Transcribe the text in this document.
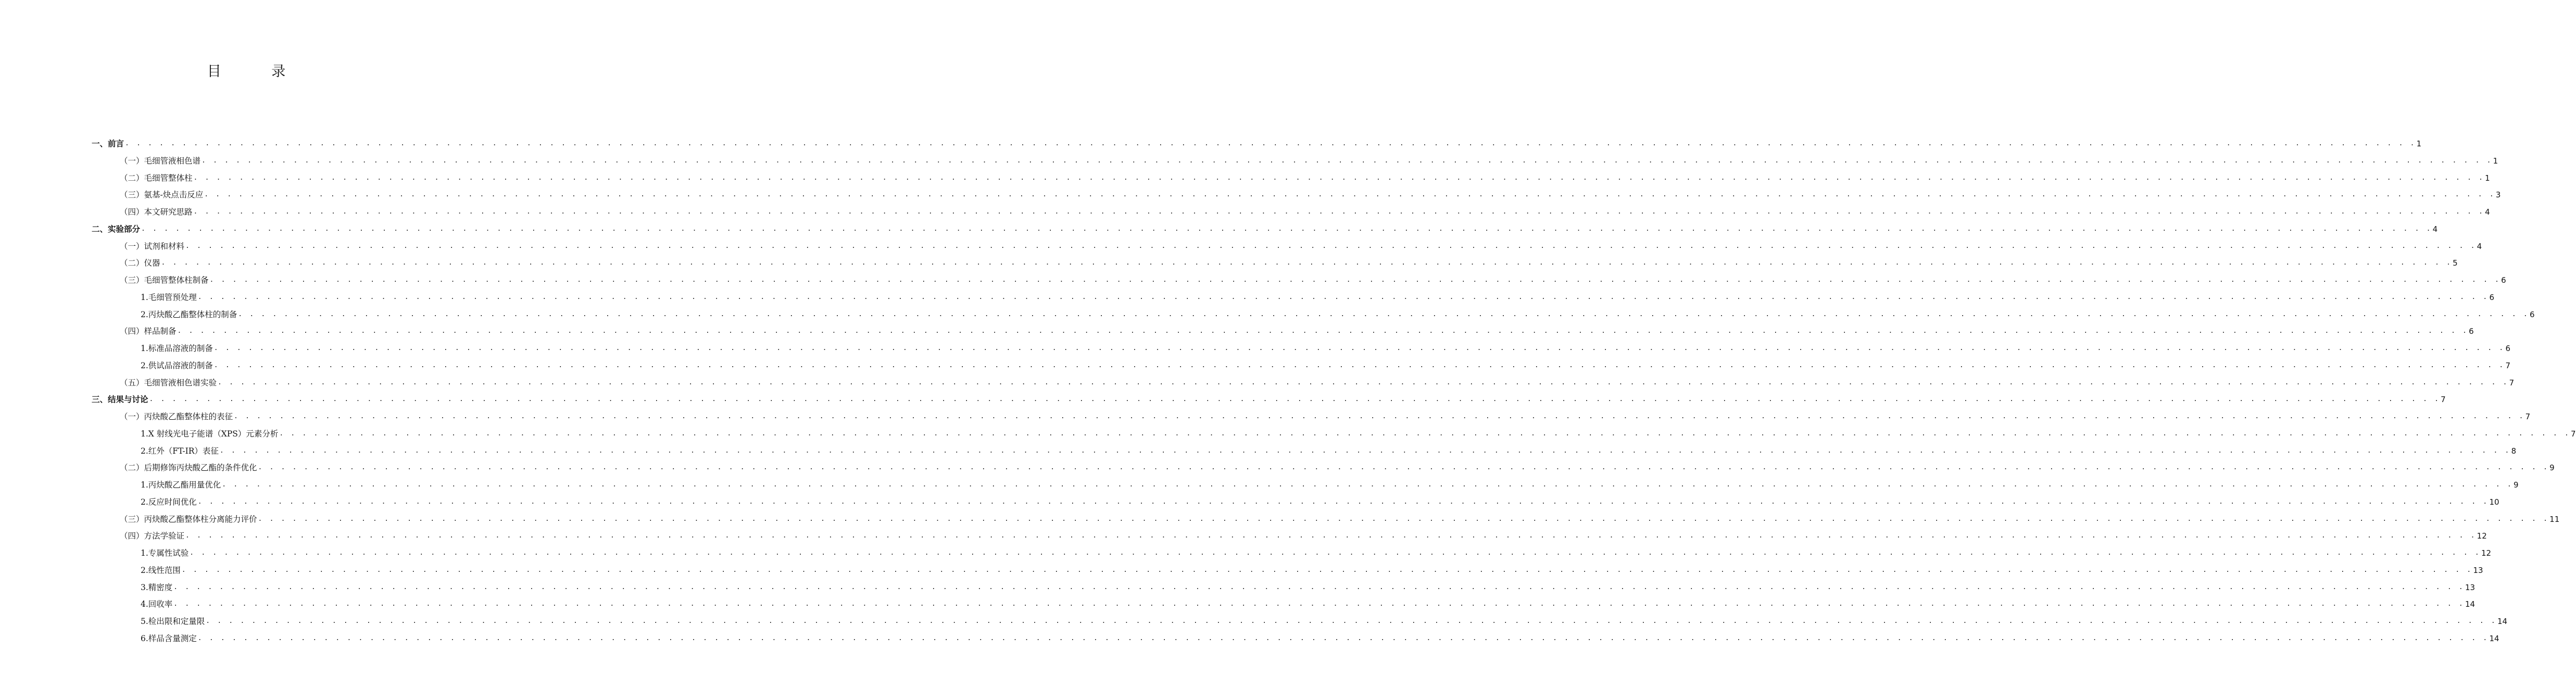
目 录
一、前言 . . . . . . . . . . . . . . . . . . . . . . . . . . . . . . . . . . . . . . . . . . . . . . . . . . . . . . . . . . . . . . . . . . . . . . . . . . . . . . . . . . . . . . . . . . . . . . . . . . . . . . . . . . . . . . . . . . . . . . . . . . . . . . . . . . . . . . . . . . . . . . . . . . . . . . . . . . . . . . . . . . . . . . . . . . . . . . . . . . . . . . . . . . . . . . . . . . . . . . . . 1
（一）毛细管液相色谱 . . . . . . . . . . . . . . . . . . . . . . . . . . . . . . . . . . . . . . . . . . . . . . . . . . . . . . . . . . . . . . . . . . . . . . . . . . . . . . . . . . . . . . . . . . . . . . . . . . . . . . . . . . . . . . . . . . . . . . . . . . . . . . . . . . . . . . . . . . . . . . . . . . . . . . . . . . . . . . . . . . . . . . . . . . . . . . . . . . . . . . . . . . . . . . . . . . . . . . . . 1
（二）毛细管整体柱 . . . . . . . . . . . . . . . . . . . . . . . . . . . . . . . . . . . . . . . . . . . . . . . . . . . . . . . . . . . . . . . . . . . . . . . . . . . . . . . . . . . . . . . . . . . . . . . . . . . . . . . . . . . . . . . . . . . . . . . . . . . . . . . . . . . . . . . . . . . . . . . . . . . . . . . . . . . . . . . . . . . . . . . . . . . . . . . . . . . . . . . . . . . . . . . . . . . . . . . . 1
（三）氨基-炔点击反应 . . . . . . . . . . . . . . . . . . . . . . . . . . . . . . . . . . . . . . . . . . . . . . . . . . . . . . . . . . . . . . . . . . . . . . . . . . . . . . . . . . . . . . . . . . . . . . . . . . . . . . . . . . . . . . . . . . . . . . . . . . . . . . . . . . . . . . . . . . . . . . . . . . . . . . . . . . . . . . . . . . . . . . . . . . . . . . . . . . . . . . . . . . . . . . . . . . . . . . . . 3
（四）本文研究思路 . . . . . . . . . . . . . . . . . . . . . . . . . . . . . . . . . . . . . . . . . . . . . . . . . . . . . . . . . . . . . . . . . . . . . . . . . . . . . . . . . . . . . . . . . . . . . . . . . . . . . . . . . . . . . . . . . . . . . . . . . . . . . . . . . . . . . . . . . . . . . . . . . . . . . . . . . . . . . . . . . . . . . . . . . . . . . . . . . . . . . . . . . . . . . . . . . . . . . . . . 4
二、实验部分 . . . . . . . . . . . . . . . . . . . . . . . . . . . . . . . . . . . . . . . . . . . . . . . . . . . . . . . . . . . . . . . . . . . . . . . . . . . . . . . . . . . . . . . . . . . . . . . . . . . . . . . . . . . . . . . . . . . . . . . . . . . . . . . . . . . . . . . . . . . . . . . . . . . . . . . . . . . . . . . . . . . . . . . . . . . . . . . . . . . . . . . . . . . . . . . . . . . . . . . . 4
（一）试剂和材料 . . . . . . . . . . . . . . . . . . . . . . . . . . . . . . . . . . . . . . . . . . . . . . . . . . . . . . . . . . . . . . . . . . . . . . . . . . . . . . . . . . . . . . . . . . . . . . . . . . . . . . . . . . . . . . . . . . . . . . . . . . . . . . . . . . . . . . . . . . . . . . . . . . . . . . . . . . . . . . . . . . . . . . . . . . . . . . . . . . . . . . . . . . . . . . . . . . . . . . . . 4
（二）仪器 . . . . . . . . . . . . . . . . . . . . . . . . . . . . . . . . . . . . . . . . . . . . . . . . . . . . . . . . . . . . . . . . . . . . . . . . . . . . . . . . . . . . . . . . . . . . . . . . . . . . . . . . . . . . . . . . . . . . . . . . . . . . . . . . . . . . . . . . . . . . . . . . . . . . . . . . . . . . . . . . . . . . . . . . . . . . . . . . . . . . . . . . . . . . . . . . . . . . . . . . 5
（三）毛细管整体柱制备 . . . . . . . . . . . . . . . . . . . . . . . . . . . . . . . . . . . . . . . . . . . . . . . . . . . . . . . . . . . . . . . . . . . . . . . . . . . . . . . . . . . . . . . . . . . . . . . . . . . . . . . . . . . . . . . . . . . . . . . . . . . . . . . . . . . . . . . . . . . . . . . . . . . . . . . . . . . . . . . . . . . . . . . . . . . . . . . . . . . . . . . . . . . . . . . . . . . . . . . . 6
1.毛细管预处理 . . . . . . . . . . . . . . . . . . . . . . . . . . . . . . . . . . . . . . . . . . . . . . . . . . . . . . . . . . . . . . . . . . . . . . . . . . . . . . . . . . . . . . . . . . . . . . . . . . . . . . . . . . . . . . . . . . . . . . . . . . . . . . . . . . . . . . . . . . . . . . . . . . . . . . . . . . . . . . . . . . . . . . . . . . . . . . . . . . . . . . . . . . . . . . . . . . . . . . . . 6
2.丙炔酸乙酯整体柱的制备 . . . . . . . . . . . . . . . . . . . . . . . . . . . . . . . . . . . . . . . . . . . . . . . . . . . . . . . . . . . . . . . . . . . . . . . . . . . . . . . . . . . . . . . . . . . . . . . . . . . . . . . . . . . . . . . . . . . . . . . . . . . . . . . . . . . . . . . . . . . . . . . . . . . . . . . . . . . . . . . . . . . . . . . . . . . . . . . . . . . . . . . . . . . . . . . . . . . . . . . . 6
（四）样品制备 . . . . . . . . . . . . . . . . . . . . . . . . . . . . . . . . . . . . . . . . . . . . . . . . . . . . . . . . . . . . . . . . . . . . . . . . . . . . . . . . . . . . . . . . . . . . . . . . . . . . . . . . . . . . . . . . . . . . . . . . . . . . . . . . . . . . . . . . . . . . . . . . . . . . . . . . . . . . . . . . . . . . . . . . . . . . . . . . . . . . . . . . . . . . . . . . . . . . . . . . 6
1.标准品溶液的制备 . . . . . . . . . . . . . . . . . . . . . . . . . . . . . . . . . . . . . . . . . . . . . . . . . . . . . . . . . . . . . . . . . . . . . . . . . . . . . . . . . . . . . . . . . . . . . . . . . . . . . . . . . . . . . . . . . . . . . . . . . . . . . . . . . . . . . . . . . . . . . . . . . . . . . . . . . . . . . . . . . . . . . . . . . . . . . . . . . . . . . . . . . . . . . . . . . . . . . . . . 6
2.供试品溶液的制备 . . . . . . . . . . . . . . . . . . . . . . . . . . . . . . . . . . . . . . . . . . . . . . . . . . . . . . . . . . . . . . . . . . . . . . . . . . . . . . . . . . . . . . . . . . . . . . . . . . . . . . . . . . . . . . . . . . . . . . . . . . . . . . . . . . . . . . . . . . . . . . . . . . . . . . . . . . . . . . . . . . . . . . . . . . . . . . . . . . . . . . . . . . . . . . . . . . . . . . . . 7
（五）毛细管液相色谱实验 . . . . . . . . . . . . . . . . . . . . . . . . . . . . . . . . . . . . . . . . . . . . . . . . . . . . . . . . . . . . . . . . . . . . . . . . . . . . . . . . . . . . . . . . . . . . . . . . . . . . . . . . . . . . . . . . . . . . . . . . . . . . . . . . . . . . . . . . . . . . . . . . . . . . . . . . . . . . . . . . . . . . . . . . . . . . . . . . . . . . . . . . . . . . . . . . . . . . . . . . 7
三、结果与讨论 . . . . . . . . . . . . . . . . . . . . . . . . . . . . . . . . . . . . . . . . . . . . . . . . . . . . . . . . . . . . . . . . . . . . . . . . . . . . . . . . . . . . . . . . . . . . . . . . . . . . . . . . . . . . . . . . . . . . . . . . . . . . . . . . . . . . . . . . . . . . . . . . . . . . . . . . . . . . . . . . . . . . . . . . . . . . . . . . . . . . . . . . . . . . . . . . . . . . . . . . 7
（一）丙炔酸乙酯整体柱的表征 . . . . . . . . . . . . . . . . . . . . . . . . . . . . . . . . . . . . . . . . . . . . . . . . . . . . . . . . . . . . . . . . . . . . . . . . . . . . . . . . . . . . . . . . . . . . . . . . . . . . . . . . . . . . . . . . . . . . . . . . . . . . . . . . . . . . . . . . . . . . . . . . . . . . . . . . . . . . . . . . . . . . . . . . . . . . . . . . . . . . . . . . . . . . . . . . . . . . . . . . 7
1.X 射线光电子能谱（XPS）元素分析 . . . . . . . . . . . . . . . . . . . . . . . . . . . . . . . . . . . . . . . . . . . . . . . . . . . . . . . . . . . . . . . . . . . . . . . . . . . . . . . . . . . . . . . . . . . . . . . . . . . . . . . . . . . . . . . . . . . . . . . . . . . . . . . . . . . . . . . . . . . . . . . . . . . . . . . . . . . . . . . . . . . . . . . . . . . . . . . . . . . . . . . . . . . . . . . . . . . . . . . . 7
2.红外（FT-IR）表征 . . . . . . . . . . . . . . . . . . . . . . . . . . . . . . . . . . . . . . . . . . . . . . . . . . . . . . . . . . . . . . . . . . . . . . . . . . . . . . . . . . . . . . . . . . . . . . . . . . . . . . . . . . . . . . . . . . . . . . . . . . . . . . . . . . . . . . . . . . . . . . . . . . . . . . . . . . . . . . . . . . . . . . . . . . . . . . . . . . . . . . . . . . . . . . . . . . . . . . . . 8
（二）后期修饰丙炔酸乙酯的条件优化 . . . . . . . . . . . . . . . . . . . . . . . . . . . . . . . . . . . . . . . . . . . . . . . . . . . . . . . . . . . . . . . . . . . . . . . . . . . . . . . . . . . . . . . . . . . . . . . . . . . . . . . . . . . . . . . . . . . . . . . . . . . . . . . . . . . . . . . . . . . . . . . . . . . . . . . . . . . . . . . . . . . . . . . . . . . . . . . . . . . . . . . . . . . . . . . . . . . . . . . . 9
1.丙炔酸乙酯用量优化 . . . . . . . . . . . . . . . . . . . . . . . . . . . . . . . . . . . . . . . . . . . . . . . . . . . . . . . . . . . . . . . . . . . . . . . . . . . . . . . . . . . . . . . . . . . . . . . . . . . . . . . . . . . . . . . . . . . . . . . . . . . . . . . . . . . . . . . . . . . . . . . . . . . . . . . . . . . . . . . . . . . . . . . . . . . . . . . . . . . . . . . . . . . . . . . . . . . . . . . . 9
2.反应时间优化 . . . . . . . . . . . . . . . . . . . . . . . . . . . . . . . . . . . . . . . . . . . . . . . . . . . . . . . . . . . . . . . . . . . . . . . . . . . . . . . . . . . . . . . . . . . . . . . . . . . . . . . . . . . . . . . . . . . . . . . . . . . . . . . . . . . . . . . . . . . . . . . . . . . . . . . . . . . . . . . . . . . . . . . . . . . . . . . . . . . . . . . . . . . . . . . . . . . . . . . . 10
（三）丙炔酸乙酯整体柱分离能力评价 . . . . . . . . . . . . . . . . . . . . . . . . . . . . . . . . . . . . . . . . . . . . . . . . . . . . . . . . . . . . . . . . . . . . . . . . . . . . . . . . . . . . . . . . . . . . . . . . . . . . . . . . . . . . . . . . . . . . . . . . . . . . . . . . . . . . . . . . . . . . . . . . . . . . . . . . . . . . . . . . . . . . . . . . . . . . . . . . . . . . . . . . . . . . . . . . . . . . . . . . 11
（四）方法学验证 . . . . . . . . . . . . . . . . . . . . . . . . . . . . . . . . . . . . . . . . . . . . . . . . . . . . . . . . . . . . . . . . . . . . . . . . . . . . . . . . . . . . . . . . . . . . . . . . . . . . . . . . . . . . . . . . . . . . . . . . . . . . . . . . . . . . . . . . . . . . . . . . . . . . . . . . . . . . . . . . . . . . . . . . . . . . . . . . . . . . . . . . . . . . . . . . . . . . . . . . 12
1.专属性试验 . . . . . . . . . . . . . . . . . . . . . . . . . . . . . . . . . . . . . . . . . . . . . . . . . . . . . . . . . . . . . . . . . . . . . . . . . . . . . . . . . . . . . . . . . . . . . . . . . . . . . . . . . . . . . . . . . . . . . . . . . . . . . . . . . . . . . . . . . . . . . . . . . . . . . . . . . . . . . . . . . . . . . . . . . . . . . . . . . . . . . . . . . . . . . . . . . . . . . . . . 12
2.线性范围 . . . . . . . . . . . . . . . . . . . . . . . . . . . . . . . . . . . . . . . . . . . . . . . . . . . . . . . . . . . . . . . . . . . . . . . . . . . . . . . . . . . . . . . . . . . . . . . . . . . . . . . . . . . . . . . . . . . . . . . . . . . . . . . . . . . . . . . . . . . . . . . . . . . . . . . . . . . . . . . . . . . . . . . . . . . . . . . . . . . . . . . . . . . . . . . . . . . . . . . . 13
3.精密度 . . . . . . . . . . . . . . . . . . . . . . . . . . . . . . . . . . . . . . . . . . . . . . . . . . . . . . . . . . . . . . . . . . . . . . . . . . . . . . . . . . . . . . . . . . . . . . . . . . . . . . . . . . . . . . . . . . . . . . . . . . . . . . . . . . . . . . . . . . . . . . . . . . . . . . . . . . . . . . . . . . . . . . . . . . . . . . . . . . . . . . . . . . . . . . . . . . . . . . . . 13
4.回收率 . . . . . . . . . . . . . . . . . . . . . . . . . . . . . . . . . . . . . . . . . . . . . . . . . . . . . . . . . . . . . . . . . . . . . . . . . . . . . . . . . . . . . . . . . . . . . . . . . . . . . . . . . . . . . . . . . . . . . . . . . . . . . . . . . . . . . . . . . . . . . . . . . . . . . . . . . . . . . . . . . . . . . . . . . . . . . . . . . . . . . . . . . . . . . . . . . . . . . . . . 14
5.检出限和定量限 . . . . . . . . . . . . . . . . . . . . . . . . . . . . . . . . . . . . . . . . . . . . . . . . . . . . . . . . . . . . . . . . . . . . . . . . . . . . . . . . . . . . . . . . . . . . . . . . . . . . . . . . . . . . . . . . . . . . . . . . . . . . . . . . . . . . . . . . . . . . . . . . . . . . . . . . . . . . . . . . . . . . . . . . . . . . . . . . . . . . . . . . . . . . . . . . . . . . . . . . 14
6.样品含量测定 . . . . . . . . . . . . . . . . . . . . . . . . . . . . . . . . . . . . . . . . . . . . . . . . . . . . . . . . . . . . . . . . . . . . . . . . . . . . . . . . . . . . . . . . . . . . . . . . . . . . . . . . . . . . . . . . . . . . . . . . . . . . . . . . . . . . . . . . . . . . . . . . . . . . . . . . . . . . . . . . . . . . . . . . . . . . . . . . . . . . . . . . . . . . . . . . . . . . . . . . 14
